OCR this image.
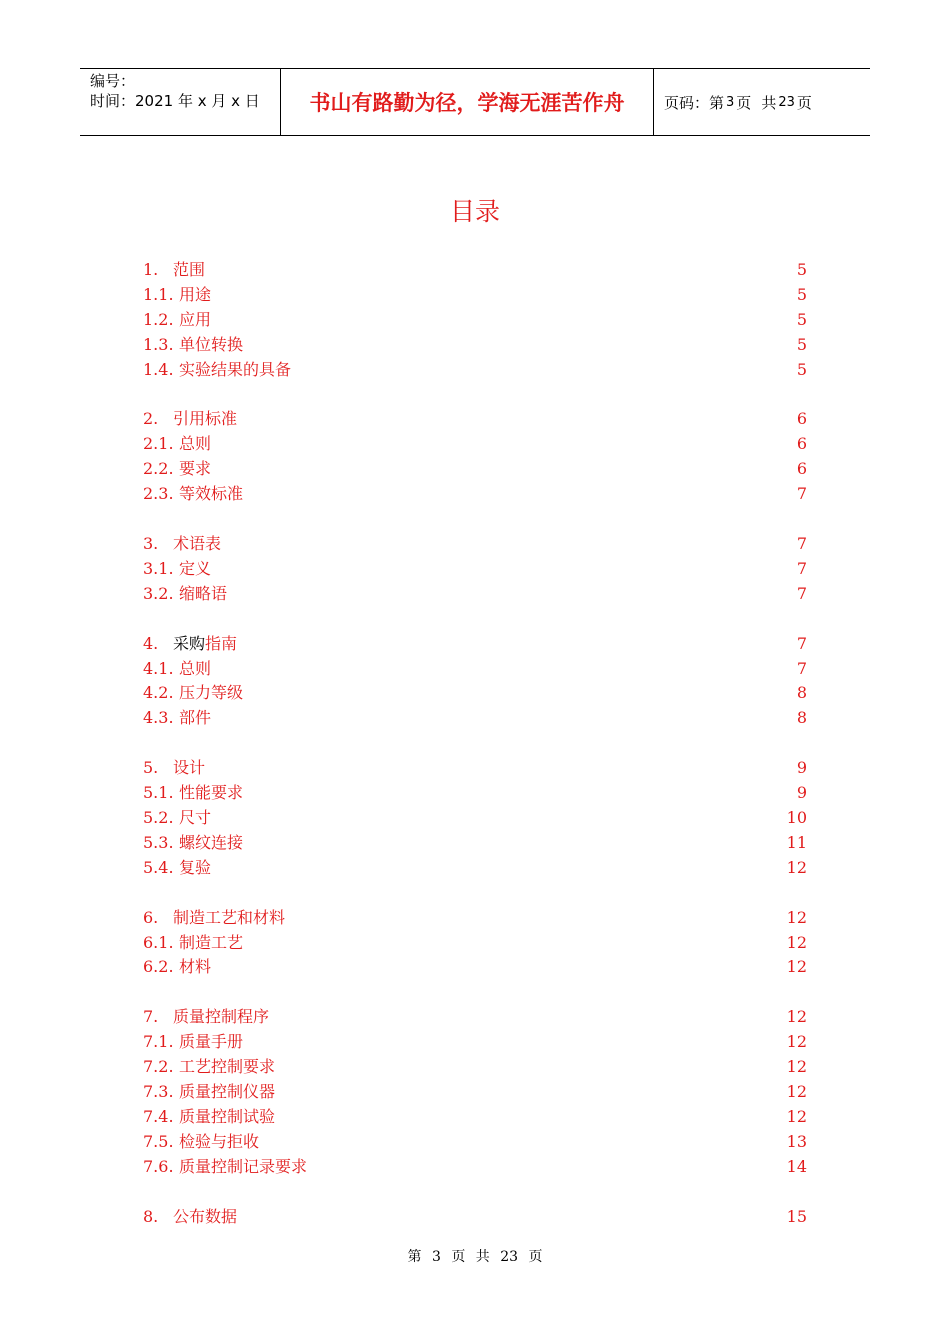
编号：
时间：2021 年 x 月 x 日	书山有路勤为径，学海无涯苦作舟	页码：第 3 页 共 23 页
目录
1. 范围	5
1.1. 用途	5
1.2. 应用	5
1.3. 单位转换	5
1.4. 实验结果的具备	5
2. 引用标准	6
2.1. 总则	6
2.2. 要求	6
2.3. 等效标准	7
3. 术语表	7
3.1. 定义	7
3.2. 缩略语	7
4. 采购 指南	7
4.1. 总则	7
4.2. 压力等级	8
4.3. 部件	8
5. 设计	9
5.1. 性能要求	9
5.2. 尺寸	10
5.3. 螺纹连接	11
5.4. 复验	12
6. 制造工艺和材料	12
6.1. 制造工艺	12
6.2. 材料	12
7. 质量控制程序	12
7.1. 质量手册	12
7.2. 工艺控制要求	12
7.3. 质量控制仪器	12
7.4. 质量控制试验	12
7.5. 检验与拒收	13
7.6. 质量控制记录要求	14
8. 公布数据	15
第 3 页 共 23 页
